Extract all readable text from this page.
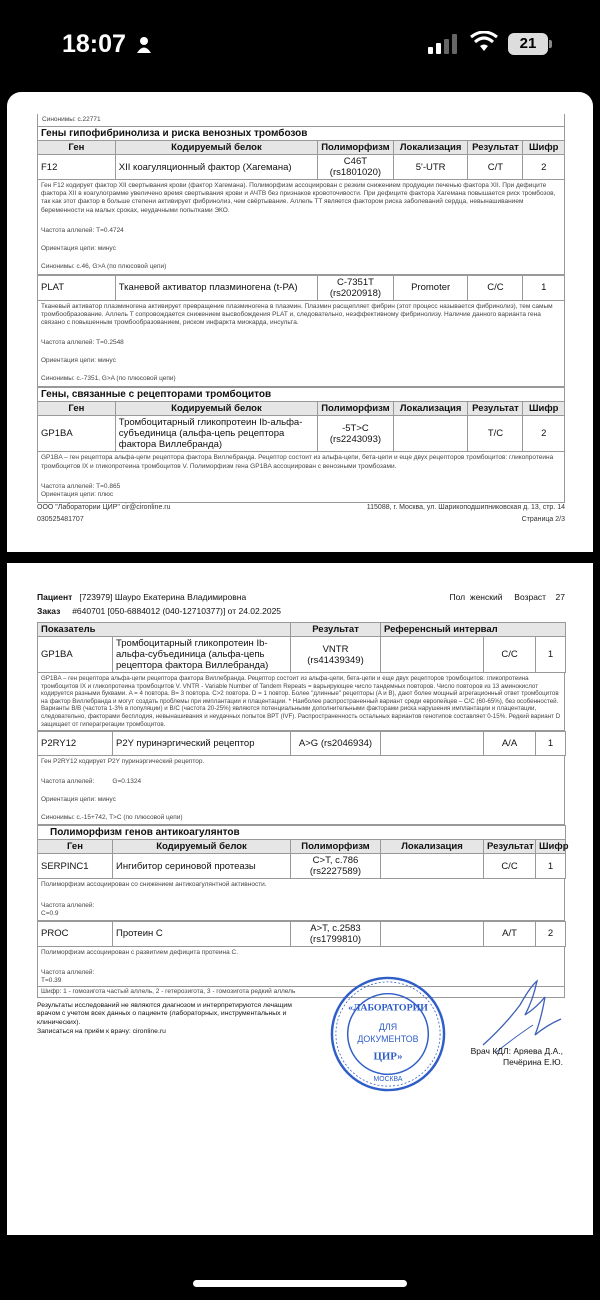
18:07	21
Синонимы: c.22771
Гены гипофибринолиза и риска венозных тромбозов					
Ген	Кодируемый белок	Полиморфизм	Локализация	Результат	Шифр
F12	XII коагуляционный фактор (Хагемана)	C46T (rs1801020)	5'-UTR	C/T	2
Ген F12 кодирует фактор XII свертывания крови (фактор Хагемана). Полиморфизм ассоциирован с резким снижением продукции печенью фактора XII. При дефиците фактора XII в коагулограмме увеличено время свертывания крови и АЧТВ без признаков кровоточивости. При дефиците фактора Хагемана повышается риск тромбозов, так как этот фактор в больше степени активирует фибринолиз, чем свёртывание. Аллель TT является фактором риска заболеваний сердца, невынашиванием беременности на малых сроках, неудачными попытками ЭКО.
Частота аллелей: T=0.4724
Ориентация цепи: минус
Синонимы: c.46, G>A (по плюсовой цепи)
PLAT	Тканевой активатор плазминогена (t-PA)	C-7351T (rs2020918)	Promoter	C/C	1
Тканевый активатор плазминогена активирует превращение плазминогена в плазмин. Плазмин расщепляет фибрин (этот процесс называется фибринолиз), тем самым тромбообразование. Аллель T сопровождается снижением высвобождения PLAT и, следовательно, неэффективному фибринолизу. Наличие данного варианта гена связано с повышенным тромбообразованием, риском инфаркта миокарда, инсульта.
Частота аллелей: T=0.2548
Ориентация цепи: минус
Синонимы: c.-7351, G>A (по плюсовой цепи)
Гены, связанные с рецепторами тромбоцитов					
Ген	Кодируемый белок	Полиморфизм	Локализация	Результат	Шифр
GP1BA	Тромбоцитарный гликопротеин Ib-альфа-субъединица (альфа-цепь рецептора фактора Виллебранда)	-5T>C (rs2243093)		T/C	2
GP1BA – ген рецептора альфа-цепи рецептора фактора Виллебранда. Рецептор состоит из альфа-цепи, бета-цепи и еще двух рецепторов тромбоцитов: гликопротеина тромбоцитов IX и гликопротеина тромбоцитов V. Полиморфизм гена GP1BA ассоциирован с венозными тромбозами.
Частота аллелей: T=0.865
Ориентация цепи: плюс
ООО "Лаборатории ЦИР" cir@cironline.ru	115088, г. Москва, ул. Шарикоподшипниковская д. 13, стр. 14
030525481707	Страница 2/3
Пациент [723979] Шауро Екатерина Владимировна	Пол женский Возраст 27
Заказ #640701 [050-6884012 (040-12710377)] от 24.02.2025
Показатель		Результат	Референсный интервал		
GP1BA	Тромбоцитарный гликопротеин Ib-альфа-субъединица (альфа-цепь рецептора фактора Виллебранда)	VNTR (rs41439349)		C/C	1
GP1BA – ген рецептора альфа-цепи рецептора фактора Виллебранда. Рецептор состоит из альфа-цепи, бета-цепи и еще двух рецепторов тромбоцитов: гликопротеина тромбоцитов IX и гликопротеина тромбоцитов V. VNTR - Variable Number of Tandem Repeats = варьирующее число тандемных повторов. Число повторов из 13 аминокислот кодируется разными буквами. A = 4 повтора. B= 3 повтора. C>2 повтора. D = 1 повтор. Более "длинные" рецепторы (A и B), дают более мощный агрегационный ответ тромбоцитов на фактор Виллебранда и могут создать проблемы при имплантации и плацентации. * Наиболее распространенный вариант среди европейцев – C/C (60-65%), без особенностей. Варианты B/B (частота 1-3% в популяции) и B/C (частота 20-25%) являются потенциальными дополнительными факторами риска нарушения имплантации и плацентации, следовательно, факторами бесплодия, невынашивания и неудачных попыток ВРТ (IVF). Распространенность остальных вариантов генотипов составляет 0-15%. Редкий вариант D защищает от гиперагрегации тромбоцитов.
P2RY12	P2Y пуринэргический рецептор	A>G (rs2046934)		A/A	1
Ген P2RY12 кодирует P2Y пуринэргический рецептор.
Частота аллелей:	G=0.1324
Ориентация цепи: минус
Синонимы: c.-15+742, T>C (по плюсовой цепи)
Полиморфизм генов антикоагулянтов					
Ген	Кодируемый белок	Полиморфизм	Локализация	Результат	Шифр
SERPINC1	Ингибитор сериновой протеазы	C>T, c.786 (rs2227589)		C/C	1
Полиморфизм ассоциирован со снижением антикоагулянтной активности.
Частота аллелей:
C=0.9
PROC	Протеин С	A>T, c.2583 (rs1799810)		A/T	2
Полиморфизм ассоциирован с развитием дефицита протеина С.
Частота аллелей:
T=0.39
Шифр: 1 - гомозигота частый аллель, 2 - гетерозигота, 3 - гомозигота редкий аллель
Результаты исследований не являются диагнозом и интерпретируются лечащим врачом с учетом всех данных о пациенте (лабораторных, инструментальных и клинических).
Записаться на приём к врачу: cironline.ru
«ЛАБОРАТОРИИ
ДЛЯ
ДОКУМЕНТОВ
ЦИР»
МОСКВА
Врач КДЛ: Аряева Д.А.,
Печёрина Е.Ю.
